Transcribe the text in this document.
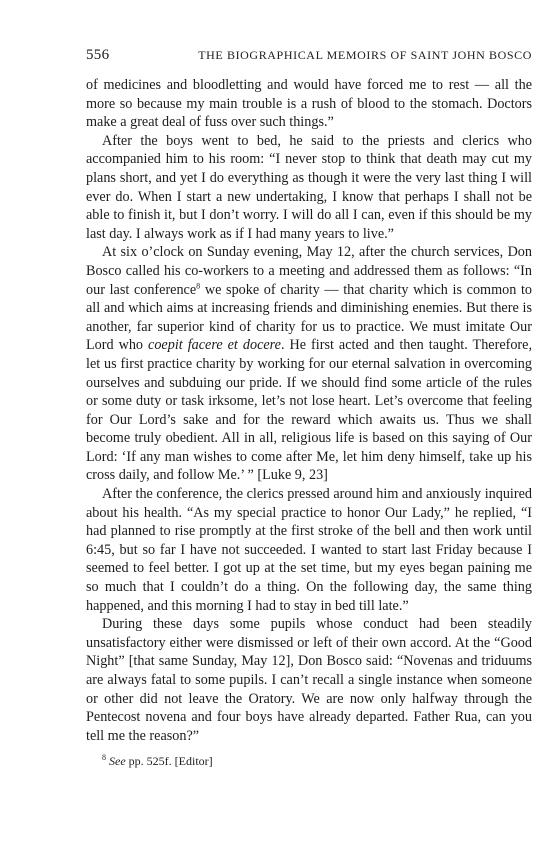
556	THE BIOGRAPHICAL MEMOIRS OF SAINT JOHN BOSCO

of medicines and bloodletting and would have forced me to rest — all the more so because my main trouble is a rush of blood to the stomach. Doctors make a great deal of fuss over such things.”

After the boys went to bed, he said to the priests and clerics who accompanied him to his room: “I never stop to think that death may cut my plans short, and yet I do everything as though it were the very last thing I will ever do. When I start a new undertaking, I know that perhaps I shall not be able to finish it, but I don’t worry. I will do all I can, even if this should be my last day. I always work as if I had many years to live.”

At six o’clock on Sunday evening, May 12, after the church services, Don Bosco called his co-workers to a meeting and addressed them as follows: “In our last conference$^8$ we spoke of charity — that charity which is common to all and which aims at increasing friends and diminishing enemies. But there is another, far superior kind of charity for us to practice. We must imitate Our Lord who coepit facere et docere. He first acted and then taught. Therefore, let us first practice charity by working for our eternal salvation in overcoming ourselves and subduing our pride. If we should find some article of the rules or some duty or task irksome, let’s not lose heart. Let’s overcome that feeling for Our Lord’s sake and for the reward which awaits us. Thus we shall become truly obedient. All in all, religious life is based on this saying of Our Lord: ‘If any man wishes to come after Me, let him deny himself, take up his cross daily, and follow Me.’ ” [Luke 9, 23]

After the conference, the clerics pressed around him and anxiously inquired about his health. “As my special practice to honor Our Lady,” he replied, “I had planned to rise promptly at the first stroke of the bell and then work until 6:45, but so far I have not succeeded. I wanted to start last Friday because I seemed to feel better. I got up at the set time, but my eyes began paining me so much that I couldn’t do a thing. On the following day, the same thing happened, and this morning I had to stay in bed till late.”

During these days some pupils whose conduct had been steadily unsatisfactory either were dismissed or left of their own accord. At the “Good Night” [that same Sunday, May 12], Don Bosco said: “Novenas and triduums are always fatal to some pupils. I can’t recall a single instance when someone or other did not leave the Oratory. We are now only halfway through the Pentecost novena and four boys have already departed. Father Rua, can you tell me the reason?”

$^8$ See pp. 525f. [Editor]
